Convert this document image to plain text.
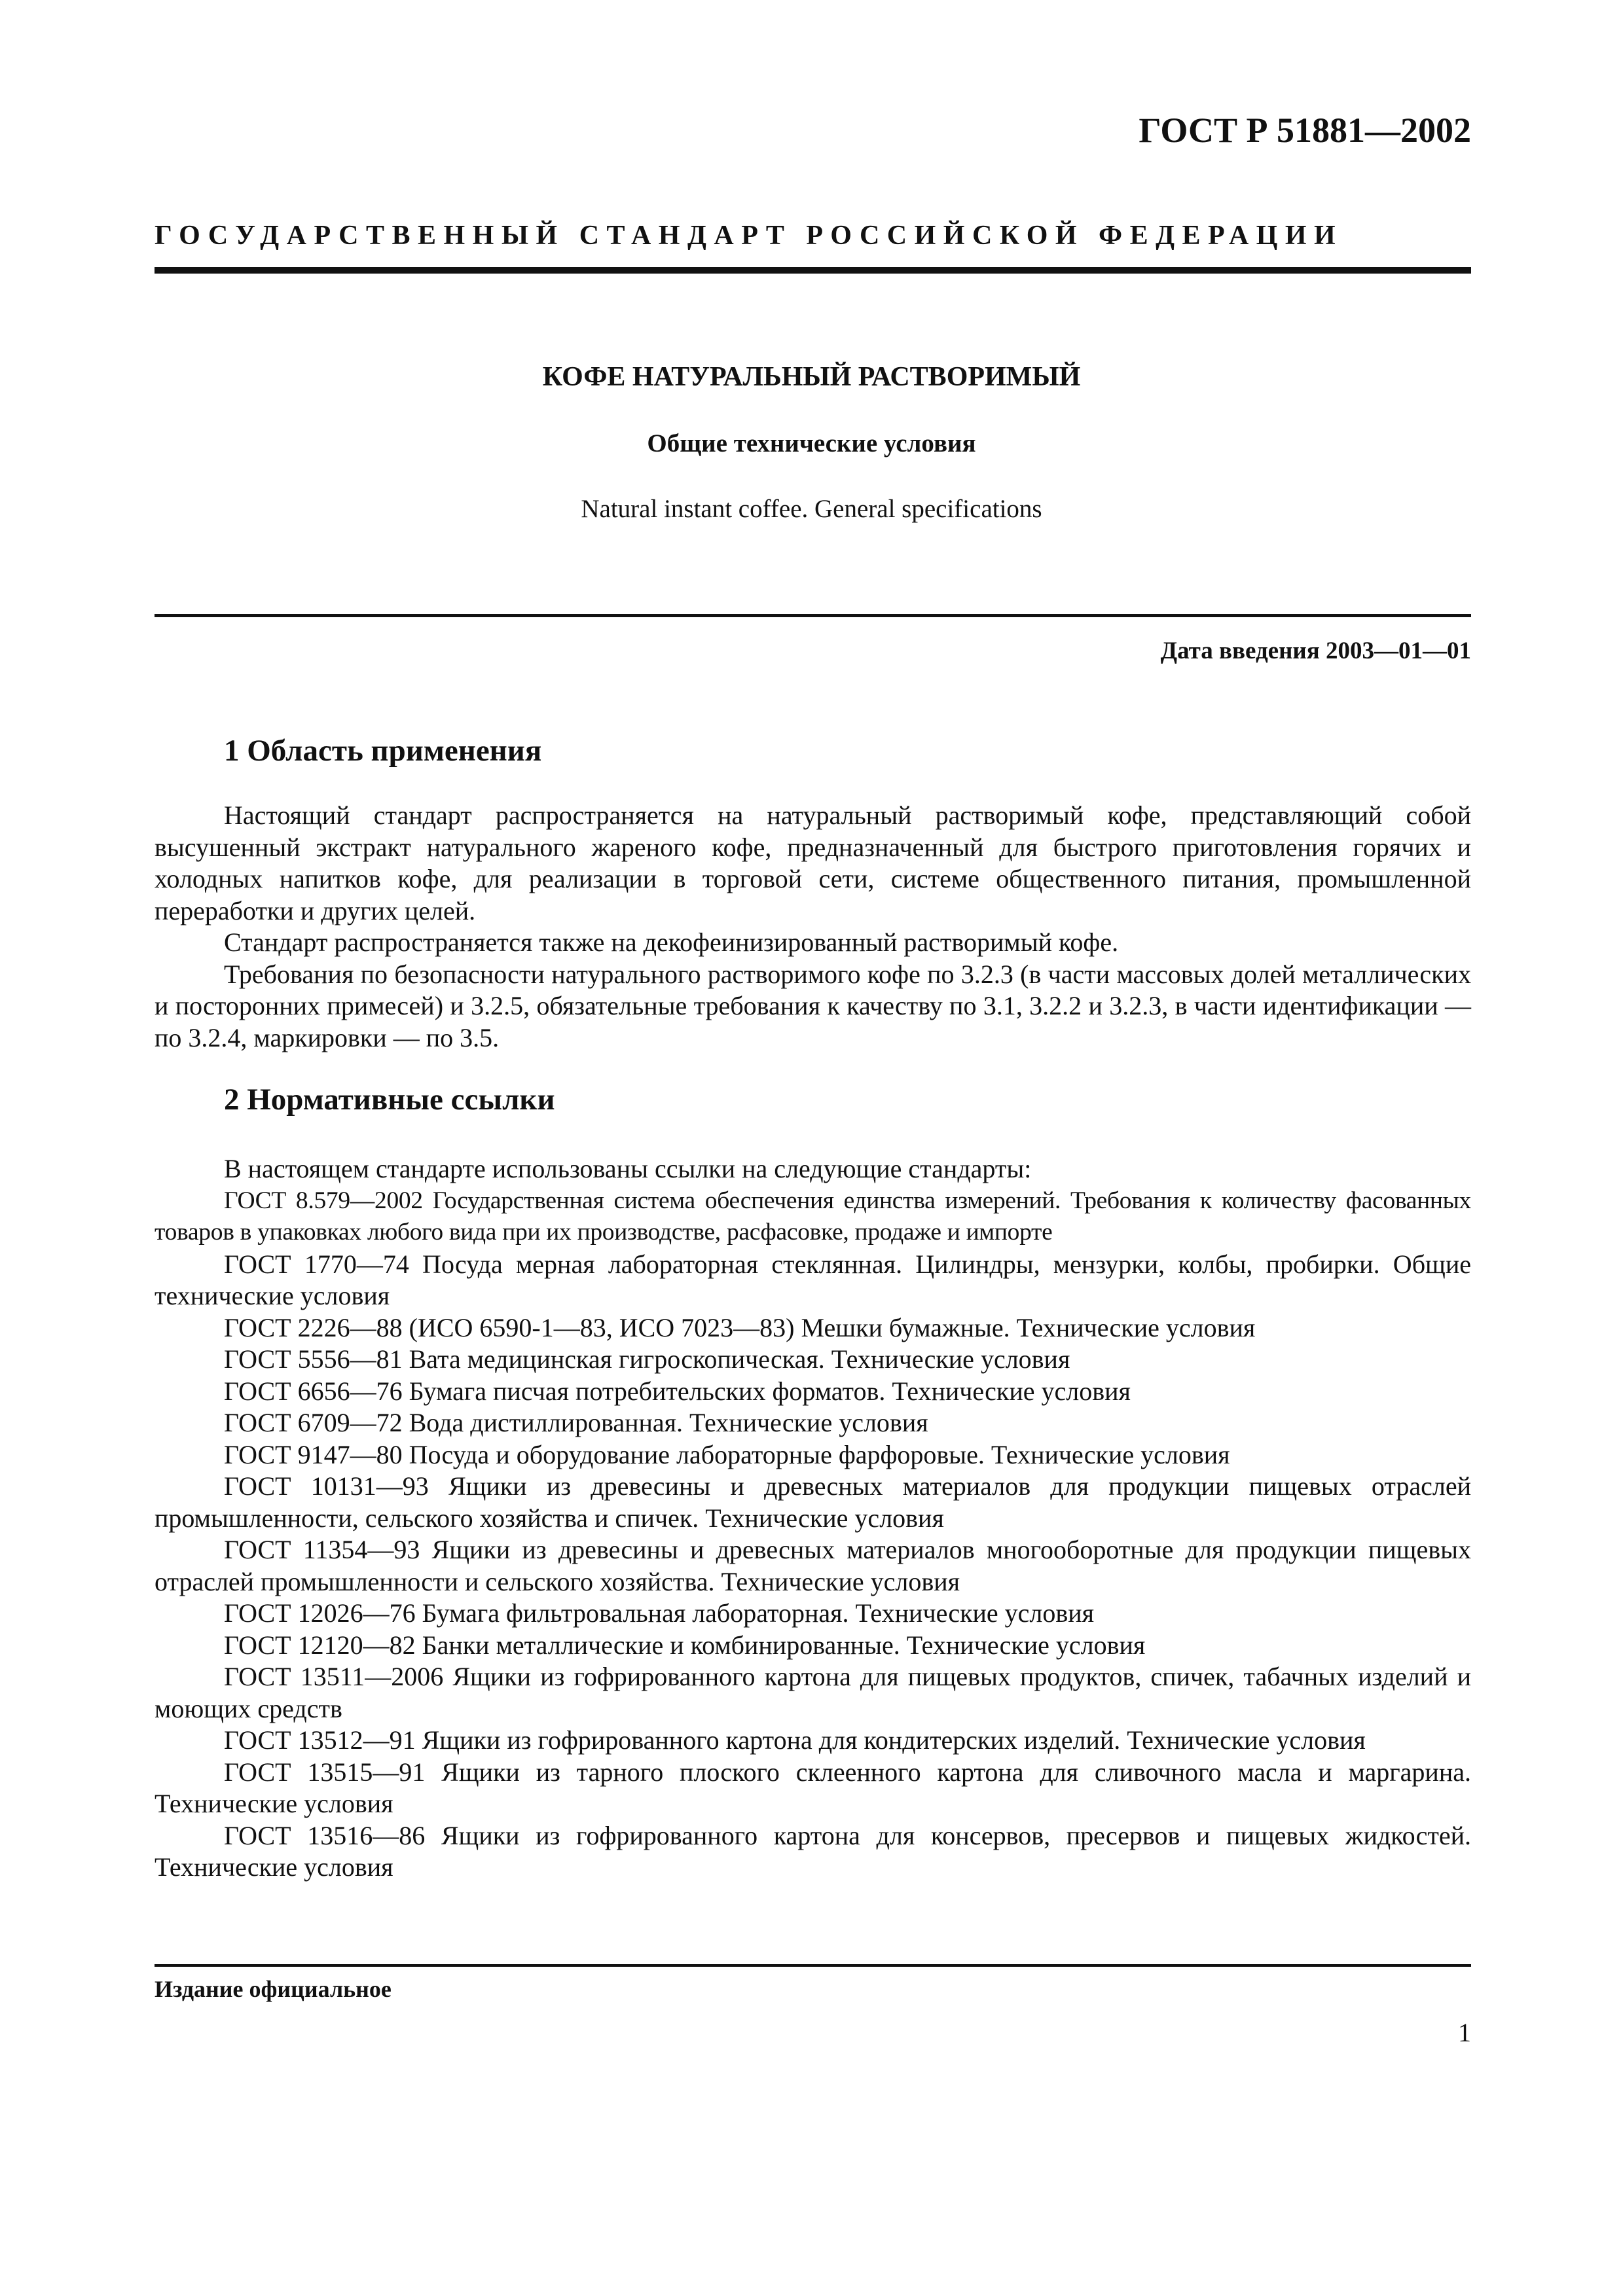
ГОСТ Р 51881—2002
ГОСУДАРСТВЕННЫЙ СТАНДАРТ РОССИЙСКОЙ ФЕДЕРАЦИИ
КОФЕ НАТУРАЛЬНЫЙ РАСТВОРИМЫЙ
Общие технические условия
Natural instant coffee. General specifications
Дата введения 2003—01—01
1 Область применения

Настоящий стандарт распространяется на натуральный растворимый кофе, представляющий собой высушенный экстракт натурального жареного кофе, предназначенный для быстрого приготовления горячих и холодных напитков кофе, для реализации в торговой сети, системе общественного питания, промышленной переработки и других целей.

Стандарт распространяется также на декофеинизированный растворимый кофе.

Требования по безопасности натурального растворимого кофе по 3.2.3 (в части массовых долей металлических и посторонних примесей) и 3.2.5, обязательные требования к качеству по 3.1, 3.2.2 и 3.2.3, в части идентификации — по 3.2.4, маркировки — по 3.5.

2 Нормативные ссылки

В настоящем стандарте использованы ссылки на следующие стандарты:

ГОСТ 8.579—2002 Государственная система обеспечения единства измерений. Требования к количеству фасованных товаров в упаковках любого вида при их производстве, расфасовке, продаже и импорте

ГОСТ 1770—74 Посуда мерная лабораторная стеклянная. Цилиндры, мензурки, колбы, пробирки. Общие технические условия

ГОСТ 2226—88 (ИСО 6590-1—83, ИСО 7023—83) Мешки бумажные. Технические условия

ГОСТ 5556—81 Вата медицинская гигроскопическая. Технические условия

ГОСТ 6656—76 Бумага писчая потребительских форматов. Технические условия

ГОСТ 6709—72 Вода дистиллированная. Технические условия

ГОСТ 9147—80 Посуда и оборудование лабораторные фарфоровые. Технические условия

ГОСТ 10131—93 Ящики из древесины и древесных материалов для продукции пищевых отраслей промышленности, сельского хозяйства и спичек. Технические условия

ГОСТ 11354—93 Ящики из древесины и древесных материалов многооборотные для продукции пищевых отраслей промышленности и сельского хозяйства. Технические условия

ГОСТ 12026—76 Бумага фильтровальная лабораторная. Технические условия

ГОСТ 12120—82 Банки металлические и комбинированные. Технические условия

ГОСТ 13511—2006 Ящики из гофрированного картона для пищевых продуктов, спичек, табачных изделий и моющих средств

ГОСТ 13512—91 Ящики из гофрированного картона для кондитерских изделий. Технические условия

ГОСТ 13515—91 Ящики из тарного плоского склеенного картона для сливочного масла и маргарина. Технические условия

ГОСТ 13516—86 Ящики из гофрированного картона для консервов, пресервов и пищевых жидкостей. Технические условия

Издание официальное
1
